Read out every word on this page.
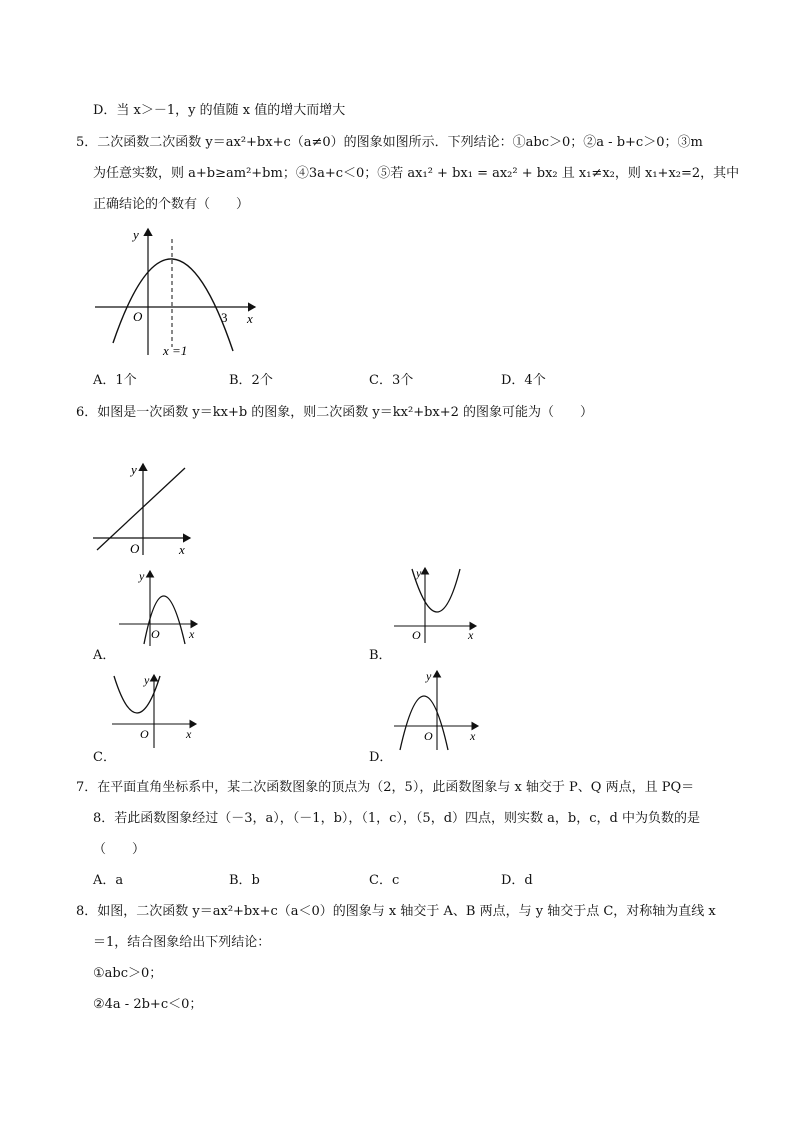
D．当 x＞－1，y 的值随 x 值的增大而增大
5．二次函数二次函数 y＝ax²+bx+c（a≠0）的图象如图所示．下列结论：①abc＞0；②a - b+c＞0；③m
为任意实数，则 a+b≥am²+bm；④3a+c＜0；⑤若 ax₁² + bx₁ = ax₂² + bx₂ 且 x₁≠x₂，则 x₁+x₂=2，其中
正确结论的个数有（　　）
y
x
O	3
x =1
A．1个	B．2个	C．3个	D．4个
6．如图是一次函数 y＝kx+b 的图象，则二次函数 y＝kx²+bx+2 的图象可能为（　　）
y
x
O
y
x
O
A．
y
x
O
B．
y
x
O
C．
y
x
O
D．
7．在平面直角坐标系中，某二次函数图象的顶点为（2，5），此函数图象与 x 轴交于 P、Q 两点，且 PQ＝
8．若此函数图象经过（－3，a），（－1，b），（1，c），（5，d）四点，则实数 a，b，c，d 中为负数的是
（　　）
A．a	B．b	C．c	D．d
8．如图，二次函数 y＝ax²+bx+c（a＜0）的图象与 x 轴交于 A、B 两点，与 y 轴交于点 C，对称轴为直线 x
＝1，结合图象给出下列结论：
①abc＞0；
②4a - 2b+c＜0；
